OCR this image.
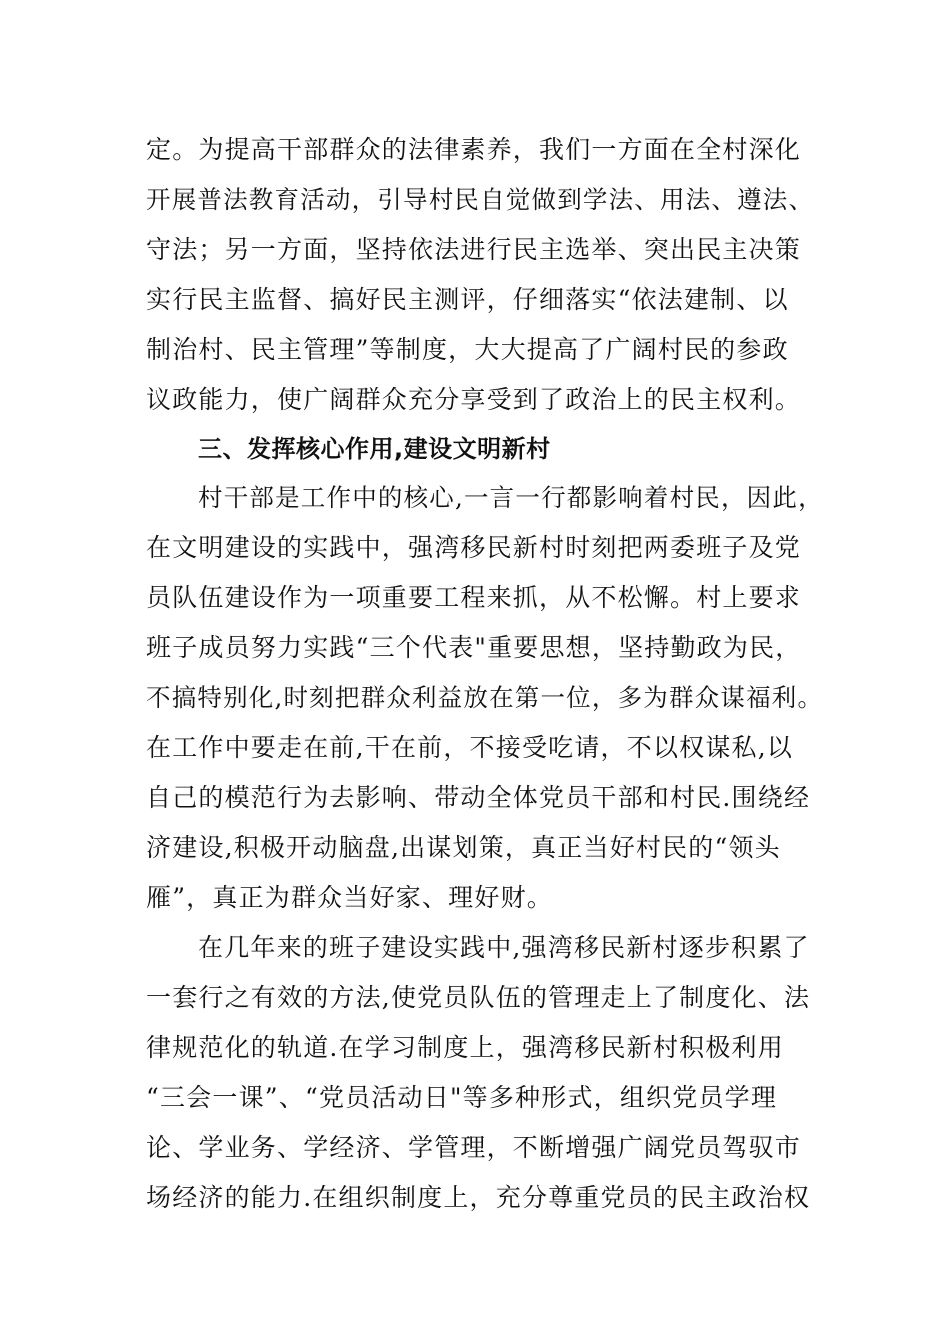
定。为提高干部群众的法律素养，我们一方面在全村深化
开展普法教育活动，引导村民自觉做到学法、用法、遵法、
守法；另一方面，坚持依法进行民主选举、突出民主决策
实行民主监督、搞好民主测评，仔细落实“依法建制、以
制治村、民主管理”等制度，大大提高了广阔村民的参政
议政能力，使广阔群众充分享受到了政治上的民主权利。
三、发挥核心作用,建设文明新村
村干部是工作中的核心,一言一行都影响着村民，因此，
在文明建设的实践中，强湾移民新村时刻把两委班子及党
员队伍建设作为一项重要工程来抓，从不松懈。村上要求
班子成员努力实践“三个代表"重要思想，坚持勤政为民，
不搞特别化,时刻把群众利益放在第一位，多为群众谋福利。
在工作中要走在前,干在前，不接受吃请，不以权谋私,以
自己的模范行为去影响、带动全体党员干部和村民.围绕经
济建设,积极开动脑盘,出谋划策，真正当好村民的“领头
雁”，真正为群众当好家、理好财。
在几年来的班子建设实践中,强湾移民新村逐步积累了
一套行之有效的方法,使党员队伍的管理走上了制度化、法
律规范化的轨道.在学习制度上，强湾移民新村积极利用
“三会一课”、“党员活动日"等多种形式，组织党员学理
论、学业务、学经济、学管理，不断增强广阔党员驾驭市
场经济的能力.在组织制度上，充分尊重党员的民主政治权
